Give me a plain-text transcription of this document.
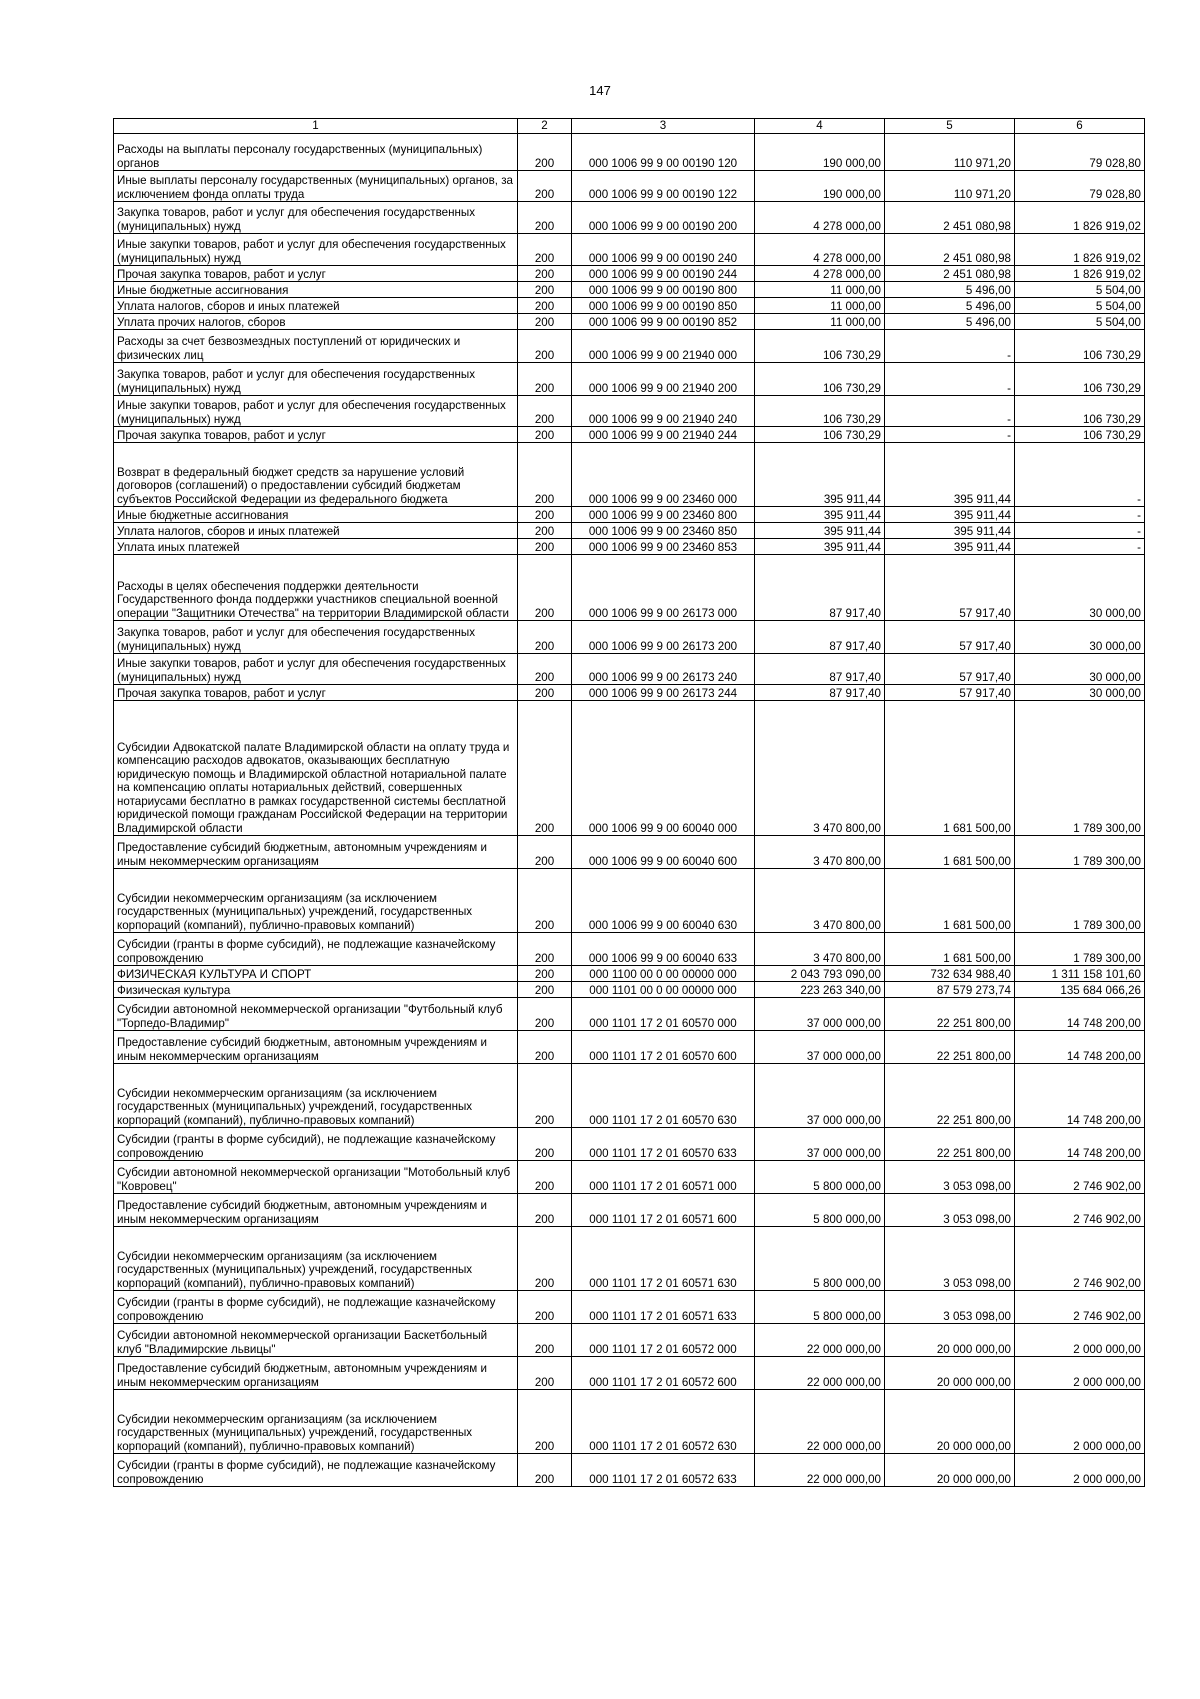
147
1	2	3	4	5	6
Расходы на выплаты персоналу государственных (муниципальных) органов	200	000 1006 99 9 00 00190 120	190 000,00	110 971,20	79 028,80
Иные выплаты персоналу государственных (муниципальных) органов, за исключением фонда оплаты труда	200	000 1006 99 9 00 00190 122	190 000,00	110 971,20	79 028,80
Закупка товаров, работ и услуг для обеспечения государственных (муниципальных) нужд	200	000 1006 99 9 00 00190 200	4 278 000,00	2 451 080,98	1 826 919,02
Иные закупки товаров, работ и услуг для обеспечения государственных (муниципальных) нужд	200	000 1006 99 9 00 00190 240	4 278 000,00	2 451 080,98	1 826 919,02
Прочая закупка товаров, работ и услуг	200	000 1006 99 9 00 00190 244	4 278 000,00	2 451 080,98	1 826 919,02
Иные бюджетные ассигнования	200	000 1006 99 9 00 00190 800	11 000,00	5 496,00	5 504,00
Уплата налогов, сборов и иных платежей	200	000 1006 99 9 00 00190 850	11 000,00	5 496,00	5 504,00
Уплата прочих налогов, сборов	200	000 1006 99 9 00 00190 852	11 000,00	5 496,00	5 504,00
Расходы за счет безвозмездных поступлений от юридических и физических лиц	200	000 1006 99 9 00 21940 000	106 730,29	-	106 730,29
Закупка товаров, работ и услуг для обеспечения государственных (муниципальных) нужд	200	000 1006 99 9 00 21940 200	106 730,29	-	106 730,29
Иные закупки товаров, работ и услуг для обеспечения государственных (муниципальных) нужд	200	000 1006 99 9 00 21940 240	106 730,29	-	106 730,29
Прочая закупка товаров, работ и услуг	200	000 1006 99 9 00 21940 244	106 730,29	-	106 730,29
Возврат в федеральный бюджет средств за нарушение условий договоров (соглашений) о предоставлении субсидий бюджетам субъектов Российской Федерации из федерального бюджета	200	000 1006 99 9 00 23460 000	395 911,44	395 911,44	-
Иные бюджетные ассигнования	200	000 1006 99 9 00 23460 800	395 911,44	395 911,44	-
Уплата налогов, сборов и иных платежей	200	000 1006 99 9 00 23460 850	395 911,44	395 911,44	-
Уплата иных платежей	200	000 1006 99 9 00 23460 853	395 911,44	395 911,44	-
Расходы в целях обеспечения поддержки деятельности Государственного фонда поддержки участников специальной военной операции "Защитники Отечества" на территории Владимирской области	200	000 1006 99 9 00 26173 000	87 917,40	57 917,40	30 000,00
Закупка товаров, работ и услуг для обеспечения государственных (муниципальных) нужд	200	000 1006 99 9 00 26173 200	87 917,40	57 917,40	30 000,00
Иные закупки товаров, работ и услуг для обеспечения государственных (муниципальных) нужд	200	000 1006 99 9 00 26173 240	87 917,40	57 917,40	30 000,00
Прочая закупка товаров, работ и услуг	200	000 1006 99 9 00 26173 244	87 917,40	57 917,40	30 000,00
Субсидии Адвокатской палате Владимирской области на оплату труда и компенсацию расходов адвокатов, оказывающих бесплатную юридическую помощь и Владимирской областной нотариальной палате на компенсацию оплаты нотариальных действий, совершенных нотариусами бесплатно в рамках государственной системы бесплатной юридической помощи гражданам Российской Федерации на территории Владимирской области	200	000 1006 99 9 00 60040 000	3 470 800,00	1 681 500,00	1 789 300,00
Предоставление субсидий бюджетным, автономным учреждениям и иным некоммерческим организациям	200	000 1006 99 9 00 60040 600	3 470 800,00	1 681 500,00	1 789 300,00
Субсидии некоммерческим организациям (за исключением государственных (муниципальных) учреждений, государственных корпораций (компаний), публично-правовых компаний)	200	000 1006 99 9 00 60040 630	3 470 800,00	1 681 500,00	1 789 300,00
Субсидии (гранты в форме субсидий), не подлежащие казначейскому сопровождению	200	000 1006 99 9 00 60040 633	3 470 800,00	1 681 500,00	1 789 300,00
ФИЗИЧЕСКАЯ КУЛЬТУРА И СПОРТ	200	000 1100 00 0 00 00000 000	2 043 793 090,00	732 634 988,40	1 311 158 101,60
Физическая культура	200	000 1101 00 0 00 00000 000	223 263 340,00	87 579 273,74	135 684 066,26
Субсидии автономной некоммерческой организации "Футбольный клуб "Торпедо-Владимир"	200	000 1101 17 2 01 60570 000	37 000 000,00	22 251 800,00	14 748 200,00
Предоставление субсидий бюджетным, автономным учреждениям и иным некоммерческим организациям	200	000 1101 17 2 01 60570 600	37 000 000,00	22 251 800,00	14 748 200,00
Субсидии некоммерческим организациям (за исключением государственных (муниципальных) учреждений, государственных корпораций (компаний), публично-правовых компаний)	200	000 1101 17 2 01 60570 630	37 000 000,00	22 251 800,00	14 748 200,00
Субсидии (гранты в форме субсидий), не подлежащие казначейскому сопровождению	200	000 1101 17 2 01 60570 633	37 000 000,00	22 251 800,00	14 748 200,00
Субсидии автономной некоммерческой организации "Мотобольный клуб "Ковровец"	200	000 1101 17 2 01 60571 000	5 800 000,00	3 053 098,00	2 746 902,00
Предоставление субсидий бюджетным, автономным учреждениям и иным некоммерческим организациям	200	000 1101 17 2 01 60571 600	5 800 000,00	3 053 098,00	2 746 902,00
Субсидии некоммерческим организациям (за исключением государственных (муниципальных) учреждений, государственных корпораций (компаний), публично-правовых компаний)	200	000 1101 17 2 01 60571 630	5 800 000,00	3 053 098,00	2 746 902,00
Субсидии (гранты в форме субсидий), не подлежащие казначейскому сопровождению	200	000 1101 17 2 01 60571 633	5 800 000,00	3 053 098,00	2 746 902,00
Субсидии автономной некоммерческой организации Баскетбольный клуб "Владимирские львицы"	200	000 1101 17 2 01 60572 000	22 000 000,00	20 000 000,00	2 000 000,00
Предоставление субсидий бюджетным, автономным учреждениям и иным некоммерческим организациям	200	000 1101 17 2 01 60572 600	22 000 000,00	20 000 000,00	2 000 000,00
Субсидии некоммерческим организациям (за исключением государственных (муниципальных) учреждений, государственных корпораций (компаний), публично-правовых компаний)	200	000 1101 17 2 01 60572 630	22 000 000,00	20 000 000,00	2 000 000,00
Субсидии (гранты в форме субсидий), не подлежащие казначейскому сопровождению	200	000 1101 17 2 01 60572 633	22 000 000,00	20 000 000,00	2 000 000,00
